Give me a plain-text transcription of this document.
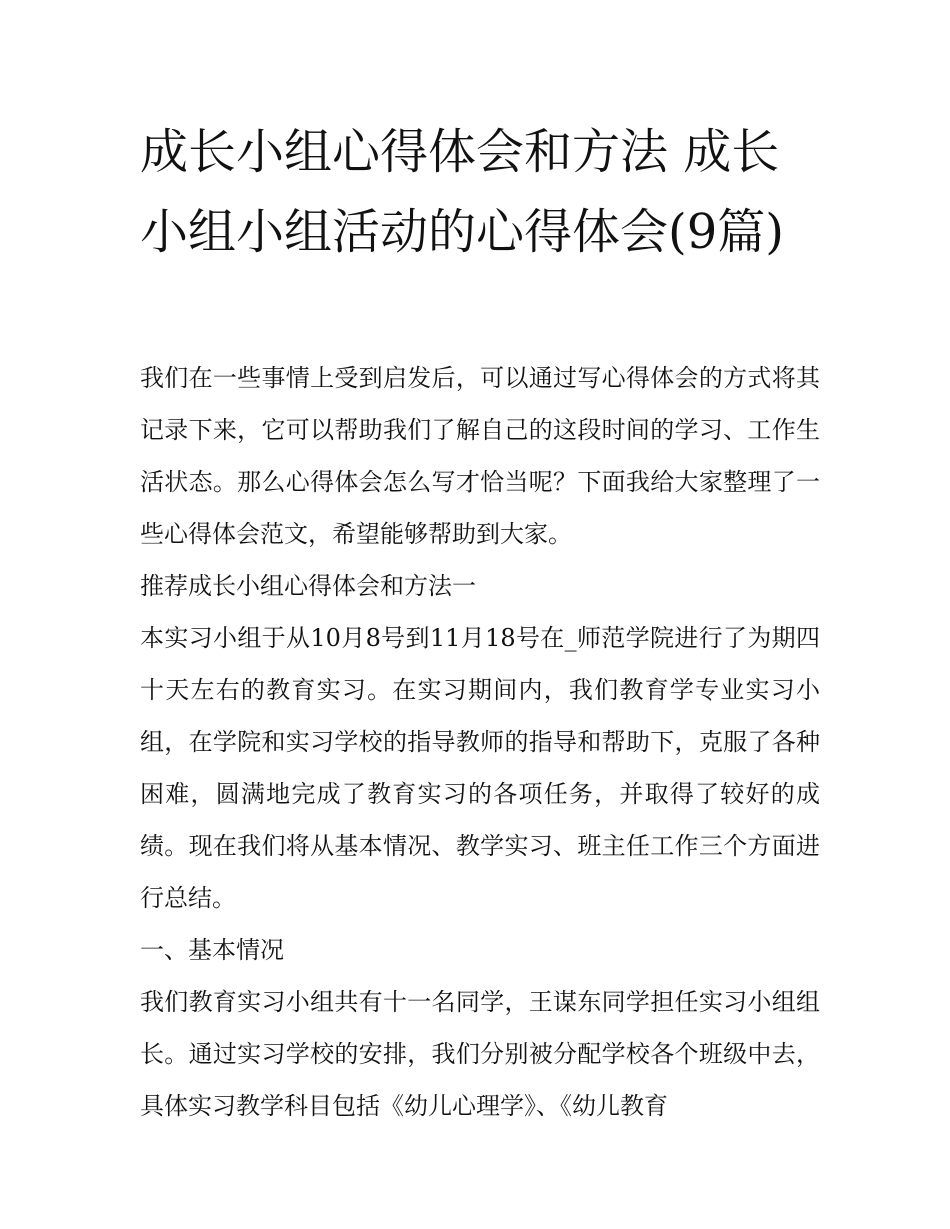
成长小组心得体会和方法 成长小组小组活动的心得体会(9篇)

我们在一些事情上受到启发后，可以通过写心得体会的方式将其记录下来，它可以帮助我们了解自己的这段时间的学习、工作生活状态。那么心得体会怎么写才恰当呢？下面我给大家整理了一些心得体会范文，希望能够帮助到大家。

推荐成长小组心得体会和方法一

本实习小组于从10月8号到11月18号在_师范学院进行了为期四十天左右的教育实习。在实习期间内，我们教育学专业实习小组，在学院和实习学校的指导教师的指导和帮助下，克服了各种困难，圆满地完成了教育实习的各项任务，并取得了较好的成绩。现在我们将从基本情况、教学实习、班主任工作三个方面进行总结。

一、基本情况

我们教育实习小组共有十一名同学，王谋东同学担任实习小组组长。通过实习学校的安排，我们分别被分配学校各个班级中去，具体实习教学科目包括《幼儿心理学》、《幼儿教育
